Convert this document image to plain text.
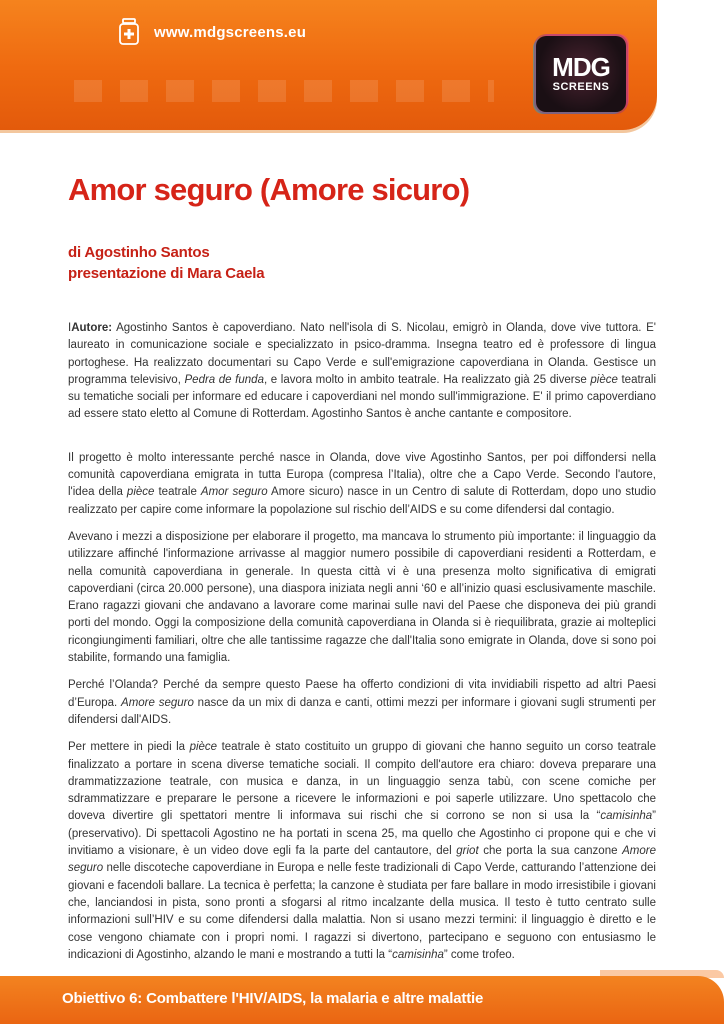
www.mdgscreens.eu
MDG
SCREENS
Amor seguro (Amore sicuro)
di Agostinho Santos
presentazione di Mara Caela

IAutore: Agostinho Santos è capoverdiano. Nato nell'isola di S. Nicolau, emigrò in Olanda, dove vive tuttora. E' laureato in comunicazione sociale e specializzato in psico-dramma. Insegna teatro ed è professore di lingua portoghese. Ha realizzato documentari su Capo Verde e sull'emigrazione capoverdiana in Olanda. Gestisce un programma televisivo, Pedra de funda, e lavora molto in ambito teatrale. Ha realizzato già 25 diverse pièce teatrali su tematiche sociali per informare ed educare i capoverdiani nel mondo sull'immigrazione. E' il primo capoverdiano ad essere stato eletto al Comune di Rotterdam. Agostinho Santos è anche cantante e compositore.

Il progetto è molto interessante perché nasce in Olanda, dove vive Agostinho Santos, per poi diffondersi nella comunità capoverdiana emigrata in tutta Europa (compresa l’Italia), oltre che a Capo Verde. Secondo l'autore, l'idea della pièce teatrale Amor seguro Amore sicuro) nasce in un Centro di salute di Rotterdam, dopo uno studio realizzato per capire come informare la popolazione sul rischio dell’AIDS e su come difendersi dal contagio.

Avevano i mezzi a disposizione per elaborare il progetto, ma mancava lo strumento più importante: il linguaggio da utilizzare affinché l'informazione arrivasse al maggior numero possibile di capoverdiani residenti a Rotterdam, e nella comunità capoverdiana in generale. In questa città vi è una presenza molto significativa di emigrati capoverdiani (circa 20.000 persone), una diaspora iniziata negli anni ‘60 e all’inizio quasi esclusivamente maschile. Erano ragazzi giovani che andavano a lavorare come marinai sulle navi del Paese che disponeva dei più grandi porti del mondo. Oggi la composizione della comunità capoverdiana in Olanda si è riequilibrata, grazie ai molteplici ricongiungimenti familiari, oltre che alle tantissime ragazze che dall'Italia sono emigrate in Olanda, dove si sono poi stabilite, formando una famiglia.

Perché l’Olanda? Perché da sempre questo Paese ha offerto condizioni di vita invidiabili rispetto ad altri Paesi d’Europa. Amore seguro nasce da un mix di danza e canti, ottimi mezzi per informare i giovani sugli strumenti per difendersi dall'AIDS.

Per mettere in piedi la pièce teatrale è stato costituito un gruppo di giovani che hanno seguito un corso teatrale finalizzato a portare in scena diverse tematiche sociali. Il compito dell'autore era chiaro: doveva preparare una drammatizzazione teatrale, con musica e danza, in un linguaggio senza tabù, con scene comiche per sdrammatizzare e preparare le persone a ricevere le informazioni e poi saperle utilizzare. Uno spettacolo che doveva divertire gli spettatori mentre li informava sui rischi che si corrono se non si usa la “camisinha” (preservativo). Di spettacoli Agostino ne ha portati in scena 25, ma quello che Agostinho ci propone qui e che vi invitiamo a visionare, è un video dove egli fa la parte del cantautore, del griot che porta la sua canzone Amore seguro nelle discoteche capoverdiane in Europa e nelle feste tradizionali di Capo Verde, catturando l’attenzione dei giovani e facendoli ballare. La tecnica è perfetta; la canzone è studiata per fare ballare in modo irresistibile i giovani che, lanciandosi in pista, sono pronti a sfogarsi al ritmo incalzante della musica. Il testo è tutto centrato sulle informazioni sull’HIV e su come difendersi dalla malattia. Non si usano mezzi termini: il linguaggio è diretto e le cose vengono chiamate con i propri nomi. I ragazzi si divertono, partecipano e seguono con entusiasmo le indicazioni di Agostinho, alzando le mani e mostrando a tutti la “camisinha” come trofeo.

Obiettivo 6: Combattere l'HIV/AIDS, la malaria e altre malattie
